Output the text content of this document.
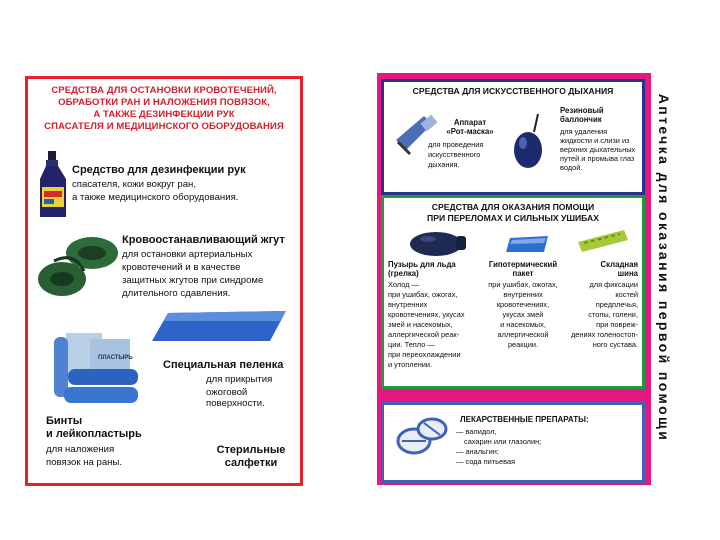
СРЕДСТВА ДЛЯ ОСТАНОВКИ КРОВОТЕЧЕНИЙ,
ОБРАБОТКИ РАН И НАЛОЖЕНИЯ ПОВЯЗОК,
А ТАКЖЕ ДЕЗИНФЕКЦИИ РУК
СПАСАТЕЛЯ И МЕДИЦИНСКОГО ОБОРУДОВАНИЯ
Средство для дезинфекции рук
спасателя, кожи вокруг ран,
а также медицинского оборудования.
Кровоостанавливающий жгут
для остановки артериальных
кровотечений и в качестве
защитных жгутов при синдроме
длительного сдавления.
Специальная пеленка
для прикрытия
ожоговой поверхности.
ПЛАСТЫРЬ
Бинты
и лейкопластырь
для наложения
повязок на раны.
Стерильные
салфетки
СРЕДСТВА ДЛЯ ИСКУССТВЕННОГО ДЫХАНИЯ
Аппарат
«Рот-маска»
для проведения
искусственного
дыхания.
Резиновый
баллончик
для удаления
жидкости и слизи из
верхних дыхательных
путей и промыва глаз
водой.
СРЕДСТВА ДЛЯ ОКАЗАНИЯ ПОМОЩИ
ПРИ ПЕРЕЛОМАХ И СИЛЬНЫХ УШИБАХ
Пузырь для льда
(грелка)
Холод —
при ушибах, ожогах,
внутренних
кровотечениях, укусах
змей и насекомых,
аллергической реак-
ции. Тепло —
при переохлаждении
и утоплении.
Гипотермический
пакет
при ушибах, ожогах,
внутренних
кровотечениях,
укусах змей
и насекомых,
аллергической
реакции.
Складная
шина
для фиксации
костей
предплечья,
стопы, голени,
при повреж-
дениях голеностоп-
ного сустава.
ЛЕКАРСТВЕННЫЕ ПРЕПАРАТЫ:
— валидол,
сахарин или глазолин;
— анальгин;
— сода питьевая
Аптечка для оказания первой помощи
